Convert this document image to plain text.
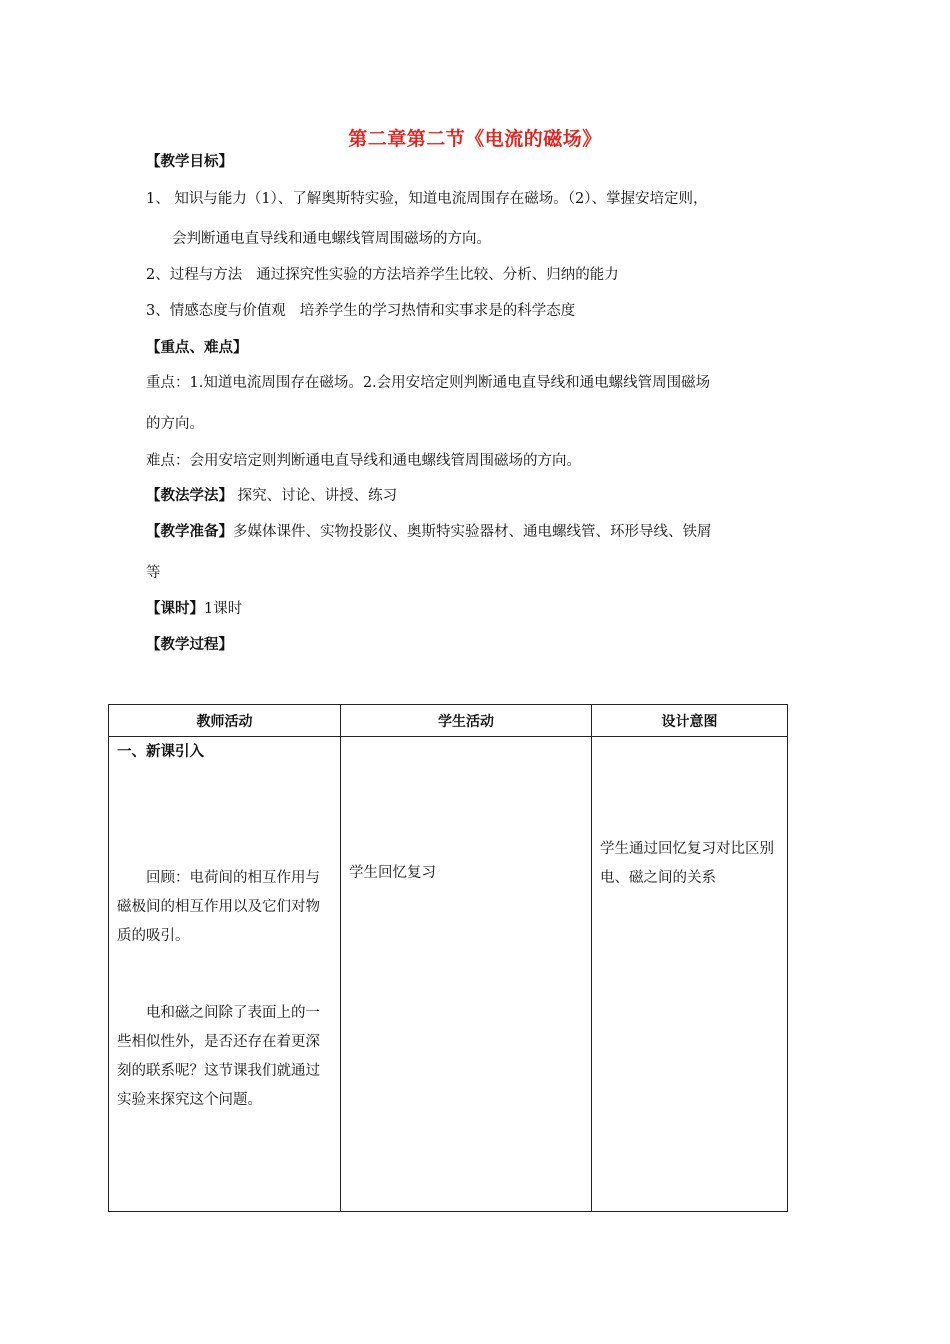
第二章第二节《电流的磁场》
【教学目标】
1、 知识与能力（1）、了解奥斯特实验，知道电流周围存在磁场。（2）、掌握安培定则，
会判断通电直导线和通电螺线管周围磁场的方向。
2、过程与方法 通过探究性实验的方法培养学生比较、分析、归纳的能力
3、情感态度与价值观 培养学生的学习热情和实事求是的科学态度
【重点、难点】
重点：1.知道电流周围存在磁场。2.会用安培定则判断通电直导线和通电螺线管周围磁场
的方向。
难点：会用安培定则判断通电直导线和通电螺线管周围磁场的方向。
【教法学法】 探究、讨论、讲授、练习
【教学准备】多媒体课件、实物投影仪、奥斯特实验器材、通电螺线管、环形导线、铁屑
等
【课时】1课时
【教学过程】
教师活动	学生活动	设计意图

一、新课引入
回顾：电荷间的相互作用与磁极间的相互作用以及它们对物质的吸引。
电和磁之间除了表面上的一些相似性外，是否还存在着更深刻的联系呢？这节课我们就通过实验来探究这个问题。	学生回忆复习	学生通过回忆复习对比区别电、磁之间的关系
